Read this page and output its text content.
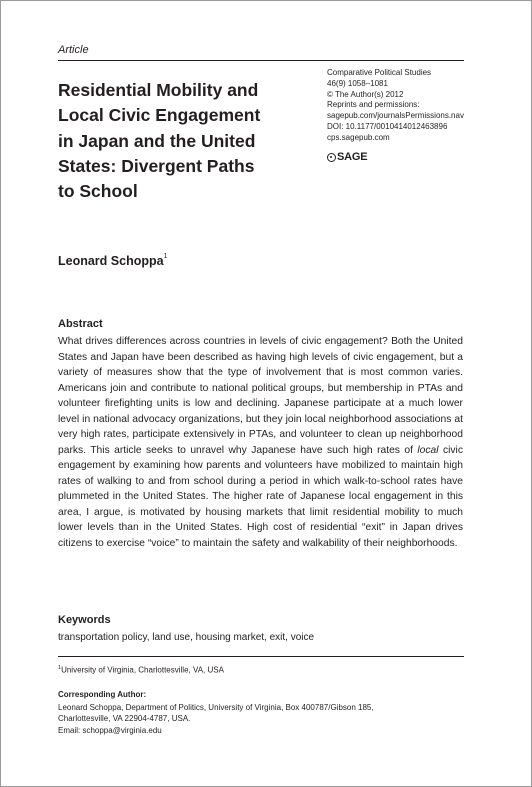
Article
Residential Mobility and
Local Civic Engagement
in Japan and the United
States: Divergent Paths
to School
Comparative Political Studies
46(9) 1058–1081
© The Author(s) 2012
Reprints and permissions:
sagepub.com/journalsPermissions.nav
DOI: 10.1177/0010414012463896
cps.sagepub.com
SAGE
Leonard Schoppa$^1$
Abstract

What drives differences across countries in levels of civic engagement? Both the United States and Japan have been described as having high levels of civic engagement, but a variety of measures show that the type of involvement that is most common varies. Americans join and contribute to national political groups, but membership in PTAs and volunteer firefighting units is low and declining. Japanese participate at a much lower level in national advocacy organizations, but they join local neighborhood associations at very high rates, participate extensively in PTAs, and volunteer to clean up neighborhood parks. This article seeks to unravel why Japanese have such high rates of local civic engagement by examining how parents and volunteers have mobilized to maintain high rates of walking to and from school during a period in which walk-to-school rates have plummeted in the United States. The higher rate of Japanese local engagement in this area, I argue, is motivated by housing markets that limit residential mobility to much lower levels than in the United States. High cost of residential “exit” in Japan drives citizens to exercise “voice” to maintain the safety and walkability of their neighborhoods.

Keywords
transportation policy, land use, housing market, exit, voice
$^1$University of Virginia, Charlottesville, VA, USA
Corresponding Author:
Leonard Schoppa, Department of Politics, University of Virginia, Box 400787/Gibson 185,
Charlottesville, VA 22904-4787, USA.
Email: schoppa@virginia.edu
